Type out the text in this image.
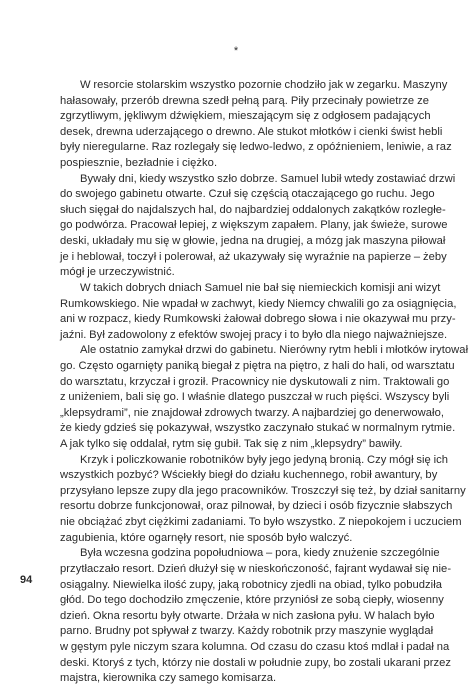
*
W resorcie stolarskim wszystko pozornie chodziło jak w zegarku. Maszyny
hałasowały, przerób drewna szedł pełną parą. Piły przecinały powietrze ze
zgrzytliwym, jękliwym dźwiękiem, mieszającym się z odgłosem padających
desek, drewna uderzającego o drewno. Ale stukot młotków i cienki świst hebli
były nieregularne. Raz rozlegały się ledwo-ledwo, z opóźnieniem, leniwie, a raz
pospiesznie, bezładnie i ciężko.
Bywały dni, kiedy wszystko szło dobrze. Samuel lubił wtedy zostawiać drzwi
do swojego gabinetu otwarte. Czuł się częścią otaczającego go ruchu. Jego
słuch sięgał do najdalszych hal, do najbardziej oddalonych zakątków rozległe-
go podwórza. Pracował lepiej, z większym zapałem. Plany, jak świeże, surowe
deski, układały mu się w głowie, jedna na drugiej, a mózg jak maszyna piłował
je i heblował, toczył i polerował, aż ukazywały się wyraźnie na papierze – żeby
mógł je urzeczywistnić.
W takich dobrych dniach Samuel nie bał się niemieckich komisji ani wizyt
Rumkowskiego. Nie wpadał w zachwyt, kiedy Niemcy chwalili go za osiągnięcia,
ani w rozpacz, kiedy Rumkowski żałował dobrego słowa i nie okazywał mu przy-
jaźni. Był zadowolony z efektów swojej pracy i to było dla niego najważniejsze.
Ale ostatnio zamykał drzwi do gabinetu. Nierówny rytm hebli i młotków irytował
go. Często ogarnięty paniką biegał z piętra na piętro, z hali do hali, od warsztatu
do warsztatu, krzyczał i groził. Pracownicy nie dyskutowali z nim. Traktowali go
z uniżeniem, bali się go. I właśnie dlatego puszczał w ruch pięści. Wszyscy byli
„klepsydrami”, nie znajdował zdrowych twarzy. A najbardziej go denerwowało,
że kiedy gdzieś się pokazywał, wszystko zaczynało stukać w normalnym rytmie.
A jak tylko się oddalał, rytm się gubił. Tak się z nim „klepsydry” bawiły.
Krzyk i policzkowanie robotników były jego jedyną bronią. Czy mógł się ich
wszystkich pozbyć? Wściekły biegł do działu kuchennego, robił awantury, by
przysyłano lepsze zupy dla jego pracowników. Troszczył się też, by dział sanitarny
resortu dobrze funkcjonował, oraz pilnował, by dzieci i osób fizycznie słabszych
nie obciążać zbyt ciężkimi zadaniami. To było wszystko. Z niepokojem i uczuciem
zagubienia, które ogarnęły resort, nie sposób było walczyć.
Była wczesna godzina popołudniowa – pora, kiedy znużenie szczególnie
przytłaczało resort. Dzień dłużył się w nieskończoność, fajrant wydawał się nie-
osiągalny. Niewielka ilość zupy, jaką robotnicy zjedli na obiad, tylko pobudziła
głód. Do tego dochodziło zmęczenie, które przyniósł ze sobą ciepły, wiosenny
dzień. Okna resortu były otwarte. Drżała w nich zasłona pyłu. W halach było
parno. Brudny pot spływał z twarzy. Każdy robotnik przy maszynie wyglądał
w gęstym pyle niczym szara kolumna. Od czasu do czasu ktoś mdlał i padał na
deski. Ktoryś z tych, którzy nie dostali w południe zupy, bo zostali ukarani przez
majstra, kierownika czy samego komisarza.
94
